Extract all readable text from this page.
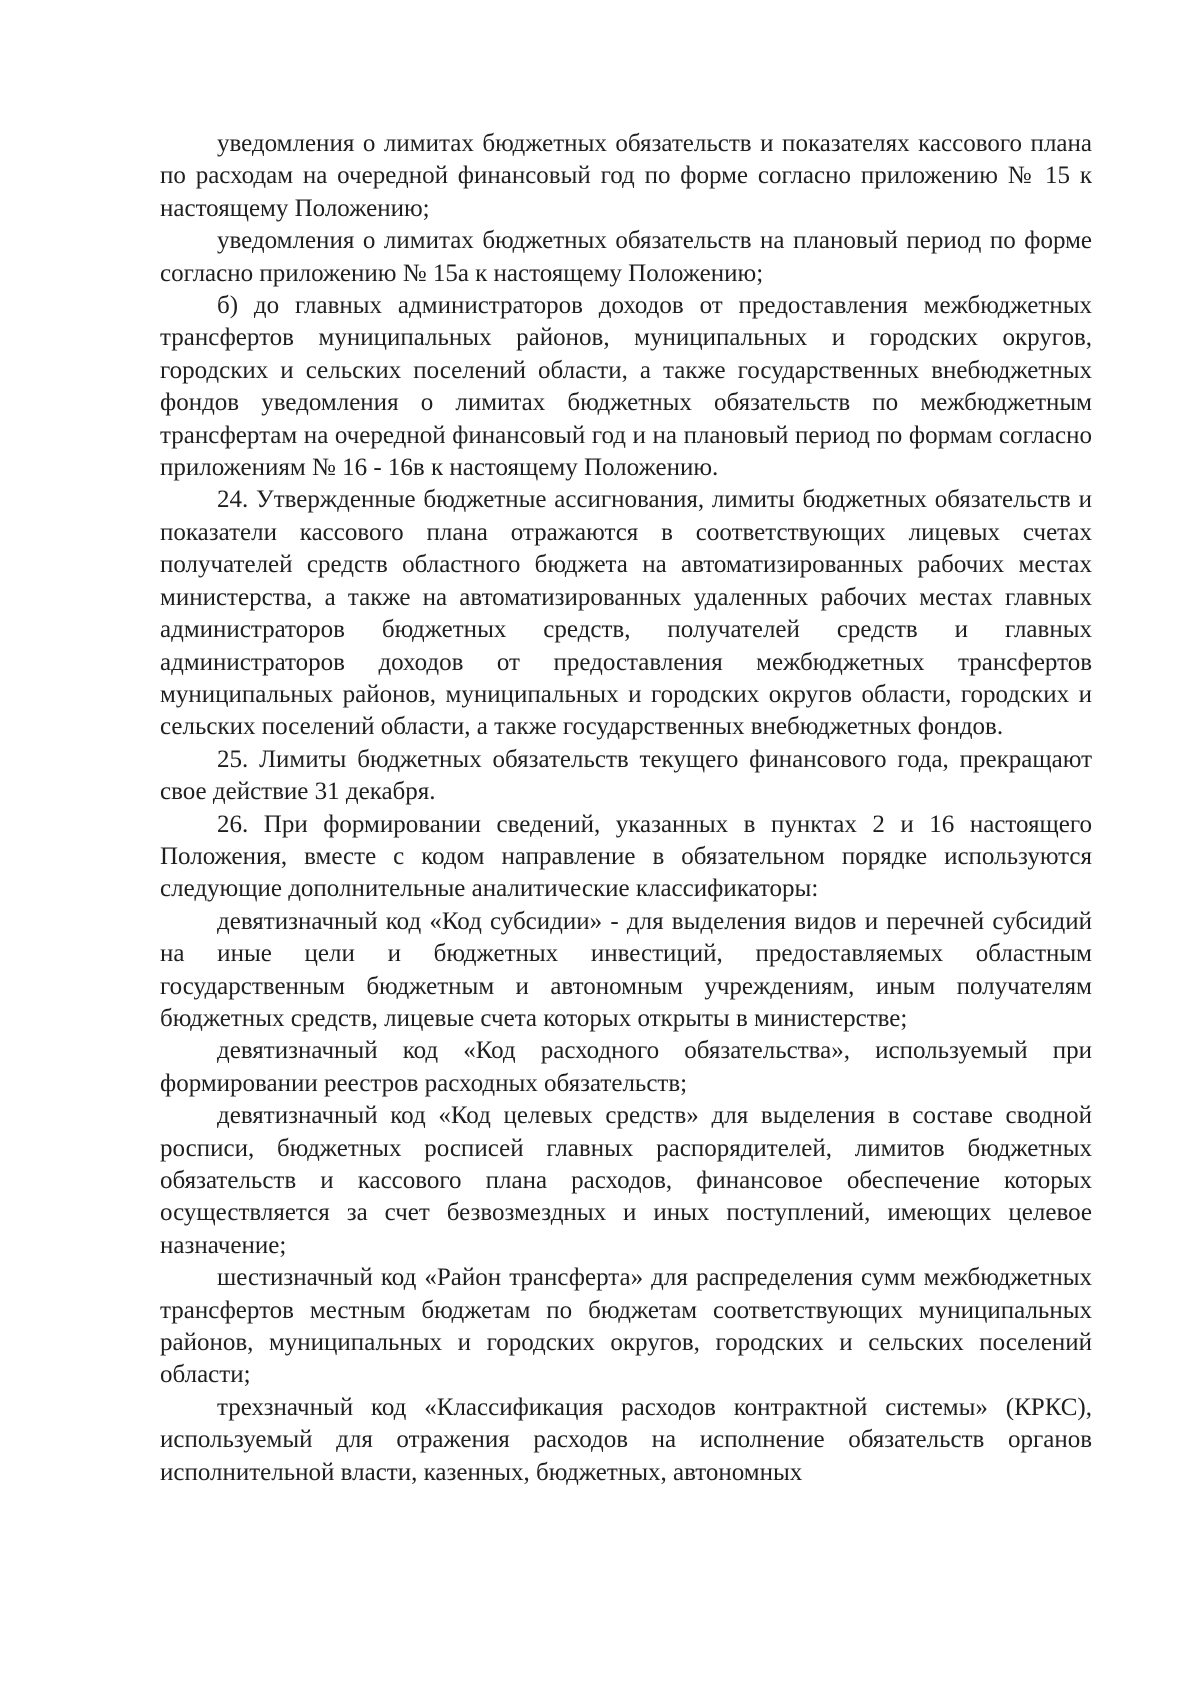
уведомления о лимитах бюджетных обязательств и показателях кассового плана по расходам на очередной финансовый год по форме согласно приложению № 15 к настоящему Положению;

уведомления о лимитах бюджетных обязательств на плановый период по форме согласно приложению № 15а к настоящему Положению;

б) до главных администраторов доходов от предоставления межбюджетных трансфертов муниципальных районов, муниципальных и городских округов, городских и сельских поселений области, а также государственных внебюджетных фондов уведомления о лимитах бюджетных обязательств по межбюджетным трансфертам на очередной финансовый год и на плановый период по формам согласно приложениям № 16 - 16в к настоящему Положению.

24. Утвержденные бюджетные ассигнования, лимиты бюджетных обязательств и показатели кассового плана отражаются в соответствующих лицевых счетах получателей средств областного бюджета на автоматизированных рабочих местах министерства, а также на автоматизированных удаленных рабочих местах главных администраторов бюджетных средств, получателей средств и главных администраторов доходов от предоставления межбюджетных трансфертов муниципальных районов, муниципальных и городских округов области, городских и сельских поселений области, а также государственных внебюджетных фондов.

25. Лимиты бюджетных обязательств текущего финансового года, прекращают свое действие 31 декабря.

26. При формировании сведений, указанных в пунктах 2 и 16 настоящего Положения, вместе с кодом направление в обязательном порядке используются следующие дополнительные аналитические классификаторы:

девятизначный код «Код субсидии» - для выделения видов и перечней субсидий на иные цели и бюджетных инвестиций, предоставляемых областным государственным бюджетным и автономным учреждениям, иным получателям бюджетных средств, лицевые счета которых открыты в министерстве;

девятизначный код «Код расходного обязательства», используемый при формировании реестров расходных обязательств;

девятизначный код «Код целевых средств» для выделения в составе сводной росписи, бюджетных росписей главных распорядителей, лимитов бюджетных обязательств и кассового плана расходов, финансовое обеспечение которых осуществляется за счет безвозмездных и иных поступлений, имеющих целевое назначение;

шестизначный код «Район трансферта» для распределения сумм межбюджетных трансфертов местным бюджетам по бюджетам соответствующих муниципальных районов, муниципальных и городских округов, городских и сельских поселений области;

трехзначный код «Классификация расходов контрактной системы» (КРКС), используемый для отражения расходов на исполнение обязательств органов исполнительной власти, казенных, бюджетных, автономных
